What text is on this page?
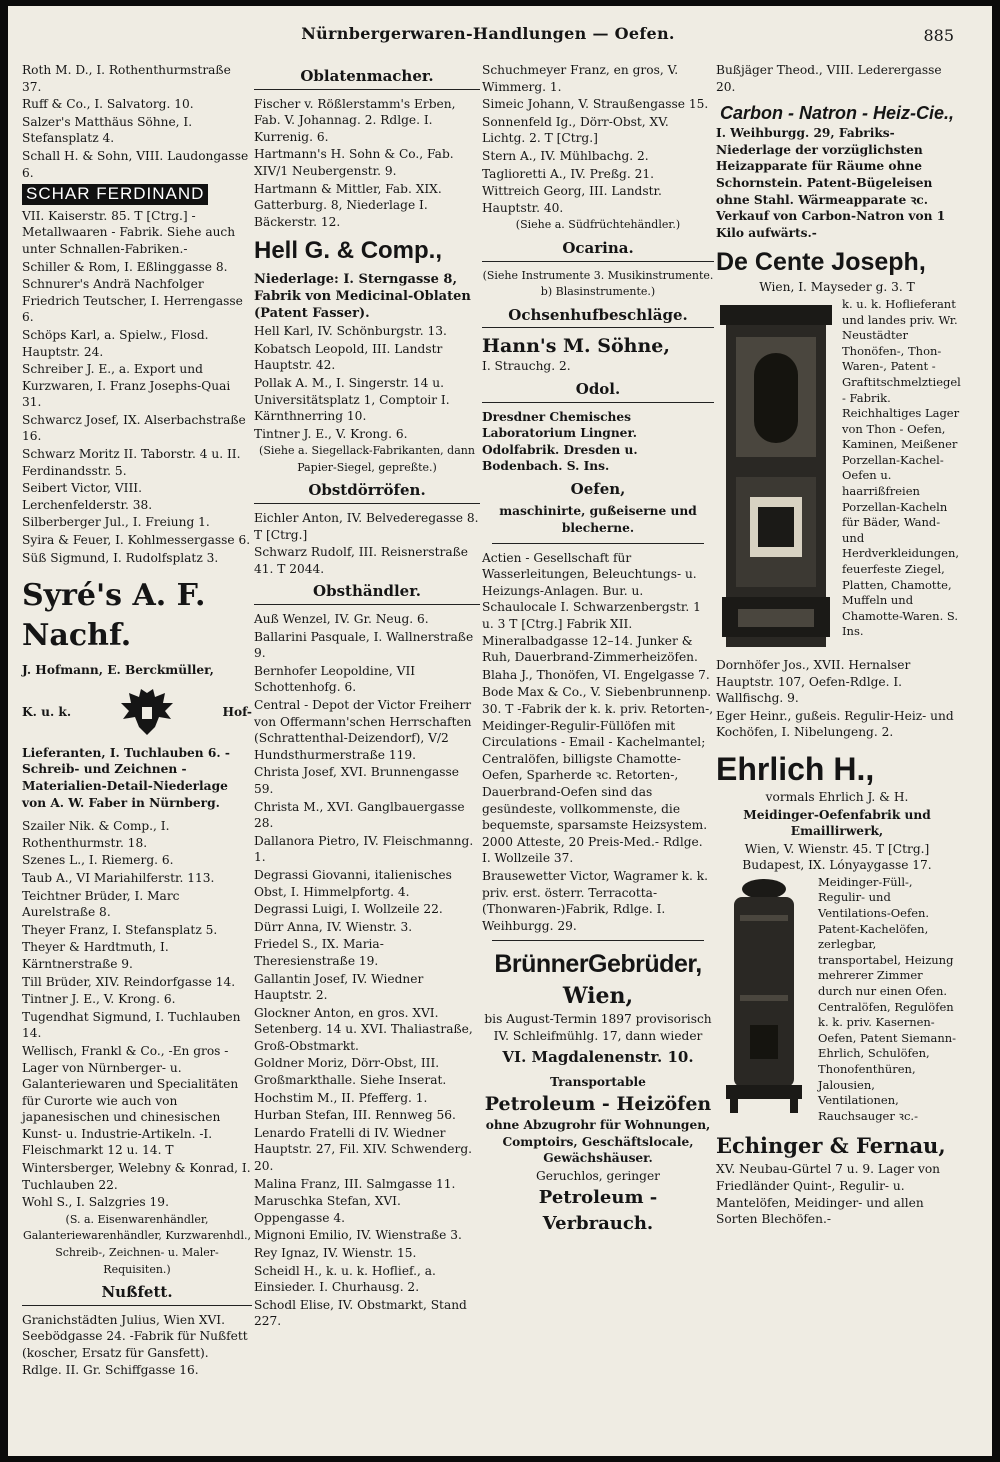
Nürnbergerwaren-Handlungen — Oefen.	885

Roth M. D., I. Rothenthurmstraße 37.

Ruff & Co., I. Salvatorg. 10.

Salzer's Matthäus Söhne, I. Stefansplatz 4.

Schall H. & Sohn, VIII. Laudongasse 6.

SCHAR FERDINAND

VII. Kaiserstr. 85. T [Ctrg.] -Metallwaaren - Fabrik. Siehe auch unter Schnallen-Fabriken.-

Schiller & Rom, I. Eßlinggasse 8.

Schnurer's Andrä Nachfolger Friedrich Teutscher, I. Herrengasse 6.

Schöps Karl, a. Spielw., Flosd. Hauptstr. 24.

Schreiber J. E., a. Export und Kurzwaren, I. Franz Josephs-Quai 31.

Schwarcz Josef, IX. Alserbachstraße 16.

Schwarz Moritz II. Taborstr. 4 u. II. Ferdinandsstr. 5.

Seibert Victor, VIII. Lerchenfelderstr. 38.

Silberberger Jul., I. Freiung 1.

Syira & Feuer, I. Kohlmessergasse 6.

Süß Sigmund, I. Rudolfsplatz 3.

Syré's A. F. Nachf.

J. Hofmann, E. Berckmüller,

K. u. k.	Hof-

Lieferanten, I. Tuchlauben 6. -Schreib- und Zeichnen - Materialien-Detail-Niederlage von A. W. Faber in Nürnberg.

Szailer Nik. & Comp., I. Rothenthurmstr. 18.

Szenes L., I. Riemerg. 6.

Taub A., VI Mariahilferstr. 113.

Teichtner Brüder, I. Marc Aurelstraße 8.

Theyer Franz, I. Stefansplatz 5.

Theyer & Hardtmuth, I. Kärntnerstraße 9.

Till Brüder, XIV. Reindorfgasse 14.

Tintner J. E., V. Krong. 6.

Tugendhat Sigmund, I. Tuchlauben 14.

Wellisch, Frankl & Co., -En gros - Lager von Nürnberger- u. Galanteriewaren und Specialitäten für Curorte wie auch von japanesischen und chinesischen Kunst- u. Industrie-Artikeln. -I. Fleischmarkt 12 u. 14. T

Wintersberger, Welebny & Konrad, I. Tuchlauben 22.

Wohl S., I. Salzgries 19.

(S. a. Eisenwarenhändler, Galanteriewarenhändler, Kurzwarenhdl., Schreib-, Zeichnen- u. Maler-Requisiten.)

Nußfett.

Granichstädten Julius, Wien XVI. Seebödgasse 24. -Fabrik für Nußfett (koscher, Ersatz für Gansfett). Rdlge. II. Gr. Schiffgasse 16.

Oblatenmacher.

Fischer v. Rößlerstamm's Erben, Fab. V. Johannag. 2. Rdlge. I. Kurrenig. 6.

Hartmann's H. Sohn & Co., Fab. XIV/1 Neubergenstr. 9.

Hartmann & Mittler, Fab. XIX. Gatterburg. 8, Niederlage I. Bäckerstr. 12.

Hell G. & Comp.,

Niederlage: I. Sterngasse 8, Fabrik von Medicinal-Oblaten (Patent Fasser).

Hell Karl, IV. Schönburgstr. 13.

Kobatsch Leopold, III. Landstr Hauptstr. 42.

Pollak A. M., I. Singerstr. 14 u. Universitätsplatz 1, Comptoir I. Kärnthnerring 10.

Tintner J. E., V. Krong. 6.

(Siehe a. Siegellack-Fabrikanten, dann Papier-Siegel, gepreßte.)

Obstdörröfen.

Eichler Anton, IV. Belvederegasse 8. T [Ctrg.]

Schwarz Rudolf, III. Reisnerstraße 41. T 2044.

Obsthändler.

Auß Wenzel, IV. Gr. Neug. 6.

Ballarini Pasquale, I. Wallnerstraße 9.

Bernhofer Leopoldine, VII Schottenhofg. 6.

Central - Depot der Victor Freiherr von Offermann'schen Herrschaften (Schrattenthal-Deizendorf), V/2 Hundsthurmerstraße 119.

Christa Josef, XVI. Brunnengasse 59.

Christa M., XVI. Ganglbauergasse 28.

Dallanora Pietro, IV. Fleischmanng. 1.

Degrassi Giovanni, italienisches Obst, I. Himmelpfortg. 4.

Degrassi Luigi, I. Wollzeile 22.

Dürr Anna, IV. Wienstr. 3.

Friedel S., IX. Maria-Theresienstraße 19.

Gallantin Josef, IV. Wiedner Hauptstr. 2.

Glockner Anton, en gros. XVI. Setenberg. 14 u. XVI. Thaliastraße, Groß-Obstmarkt.

Goldner Moriz, Dörr-Obst, III. Großmarkthalle. Siehe Inserat.

Hochstim M., II. Pfefferg. 1.

Hurban Stefan, III. Rennweg 56.

Lenardo Fratelli di IV. Wiedner Hauptstr. 27, Fil. XIV. Schwenderg. 20.

Malina Franz, III. Salmgasse 11.

Maruschka Stefan, XVI. Oppengasse 4.

Mignoni Emilio, IV. Wienstraße 3.

Rey Ignaz, IV. Wienstr. 15.

Scheidl H., k. u. k. Hoflief., a. Einsieder. I. Churhausg. 2.

Schodl Elise, IV. Obstmarkt, Stand 227.

Schuchmeyer Franz, en gros, V. Wimmerg. 1.

Simeic Johann, V. Straußengasse 15.

Sonnenfeld Ig., Dörr-Obst, XV. Lichtg. 2. T [Ctrg.]

Stern A., IV. Mühlbachg. 2.

Taglioretti A., IV. Preßg. 21.

Wittreich Georg, III. Landstr. Hauptstr. 40.

(Siehe a. Südfrüchtehändler.)

Ocarina.

(Siehe Instrumente 3. Musikinstrumente. b) Blasinstrumente.)

Ochsenhufbeschläge.
Hann's M. Söhne,

I. Strauchg. 2.

Odol.

Dresdner Chemisches Laboratorium Lingner. Odolfabrik. Dresden u. Bodenbach. S. Ins.

Oefen,

maschinirte, gußeiserne und blecherne.

Actien - Gesellschaft für Wasserleitungen, Beleuchtungs- u. Heizungs-Anlagen. Bur. u. Schaulocale I. Schwarzenbergstr. 1 u. 3 T [Ctrg.] Fabrik XII. Mineralbadgasse 12–14. Junker & Ruh, Dauerbrand-Zimmerheizöfen.

Blaha J., Thonöfen, VI. Engelgasse 7.

Bode Max & Co., V. Siebenbrunnenp. 30. T -Fabrik der k. k. priv. Retorten-, Meidinger-Regulir-Füllöfen mit Circulations - Email - Kachelmantel; Centralöfen, billigste Chamotte-Oefen, Sparherde ꝛc. Retorten-, Dauerbrand-Oefen sind das gesündeste, vollkommenste, die bequemste, sparsamste Heizsystem. 2000 Atteste, 20 Preis-Med.- Rdlge. I. Wollzeile 37.

Brausewetter Victor, Wagramer k. k. priv. erst. österr. Terracotta-(Thonwaren-)Fabrik, Rdlge. I. Weihburgg. 29.

BrünnerGebrüder,
Wien,

bis August-Termin 1897 provisorisch IV. Schleifmühlg. 17, dann wieder

VI. Magdalenenstr. 10.

Transportable

Petroleum - Heizöfen

ohne Abzugrohr für Wohnungen, Comptoirs, Geschäftslocale, Gewächshäuser.

Geruchlos, geringer

Petroleum - Verbrauch.

Bußjäger Theod., VIII. Lederergasse 20.

Carbon - Natron - Heiz-Cie.,

I. Weihburgg. 29, Fabriks-Niederlage der vorzüglichsten Heizapparate für Räume ohne Schornstein. Patent-Bügeleisen ohne Stahl. Wärmeapparate ꝛc. Verkauf von Carbon-Natron von 1 Kilo aufwärts.-

De Cente Joseph,

Wien, I. Mayseder g. 3. T

k. u. k. Hoflieferant und landes priv. Wr. Neustädter Thonöfen-, Thon-Waren-, Patent - Graftitschmelztiegel - Fabrik. Reichhaltiges Lager von Thon - Oefen, Kaminen, Meißener Porzellan-Kachel-Oefen u. haarrißfreien Porzellan-Kacheln für Bäder, Wand- und Herdverkleidungen, feuerfeste Ziegel, Platten, Chamotte, Muffeln und Chamotte-Waren. S. Ins.

Dornhöfer Jos., XVII. Hernalser Hauptstr. 107, Oefen-Rdlge. I. Wallfischg. 9.

Eger Heinr., gußeis. Regulir-Heiz- und Kochöfen, I. Nibelungeng. 2.

Ehrlich H.,

vormals Ehrlich J. & H.

Meidinger-Oefenfabrik und Emaillirwerk,

Wien, V. Wienstr. 45. T [Ctrg.] Budapest, IX. Lónyaygasse 17.

Meidinger-Füll-, Regulir- und Ventilations-Oefen. Patent-Kachelöfen, zerlegbar, transportabel, Heizung mehrerer Zimmer durch nur einen Ofen. Centralöfen, Regulöfen k. k. priv. Kasernen-Oefen, Patent Siemann-Ehrlich, Schulöfen, Thonofenthüren, Jalousien, Ventilationen, Rauchsauger ꝛc.-

Echinger & Fernau,

XV. Neubau-Gürtel 7 u. 9. Lager von Friedländer Quint-, Regulir- u. Mantelöfen, Meidinger- und allen Sorten Blechöfen.-
